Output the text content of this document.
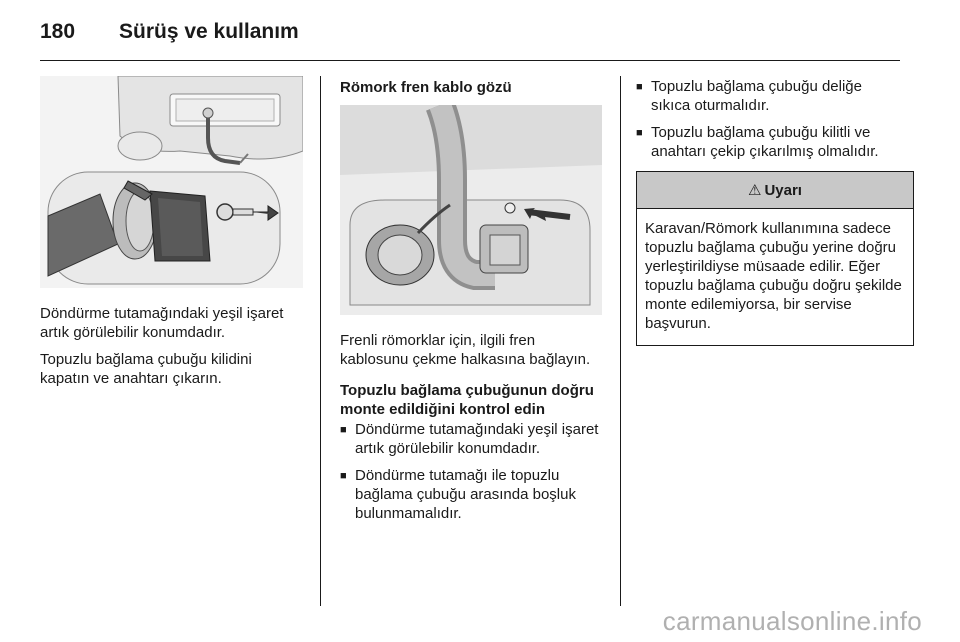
180 Sürüş ve kullanım

Döndürme tutamağındaki yeşil işaret artık görülebilir konumdadır.

Topuzlu bağlama çubuğu kilidini kapatın ve anahtarı çıkarın.

Römork fren kablo gözü

Frenli römorklar için, ilgili fren kablosunu çekme halkasına bağlayın.

Topuzlu bağlama çubuğunun doğru monte edildiğini kontrol edin

■ Döndürme tutamağındaki yeşil işaret artık görülebilir konumdadır.
■ Döndürme tutamağı ile topuzlu bağlama çubuğu arasında boşluk bulunmamalıdır.
■ Topuzlu bağlama çubuğu deliğe sıkıca oturmalıdır.
■ Topuzlu bağlama çubuğu kilitli ve anahtarı çekip çıkarılmış olmalıdır.
⚠ Uyarı
Karavan/Römork kullanımına sadece topuzlu bağlama çubuğu yerine doğru yerleştirildiyse müsaade edilir. Eğer topuzlu bağlama çubuğu doğru şekilde monte edilemiyorsa, bir servise başvurun.
carmanualsonline.info
